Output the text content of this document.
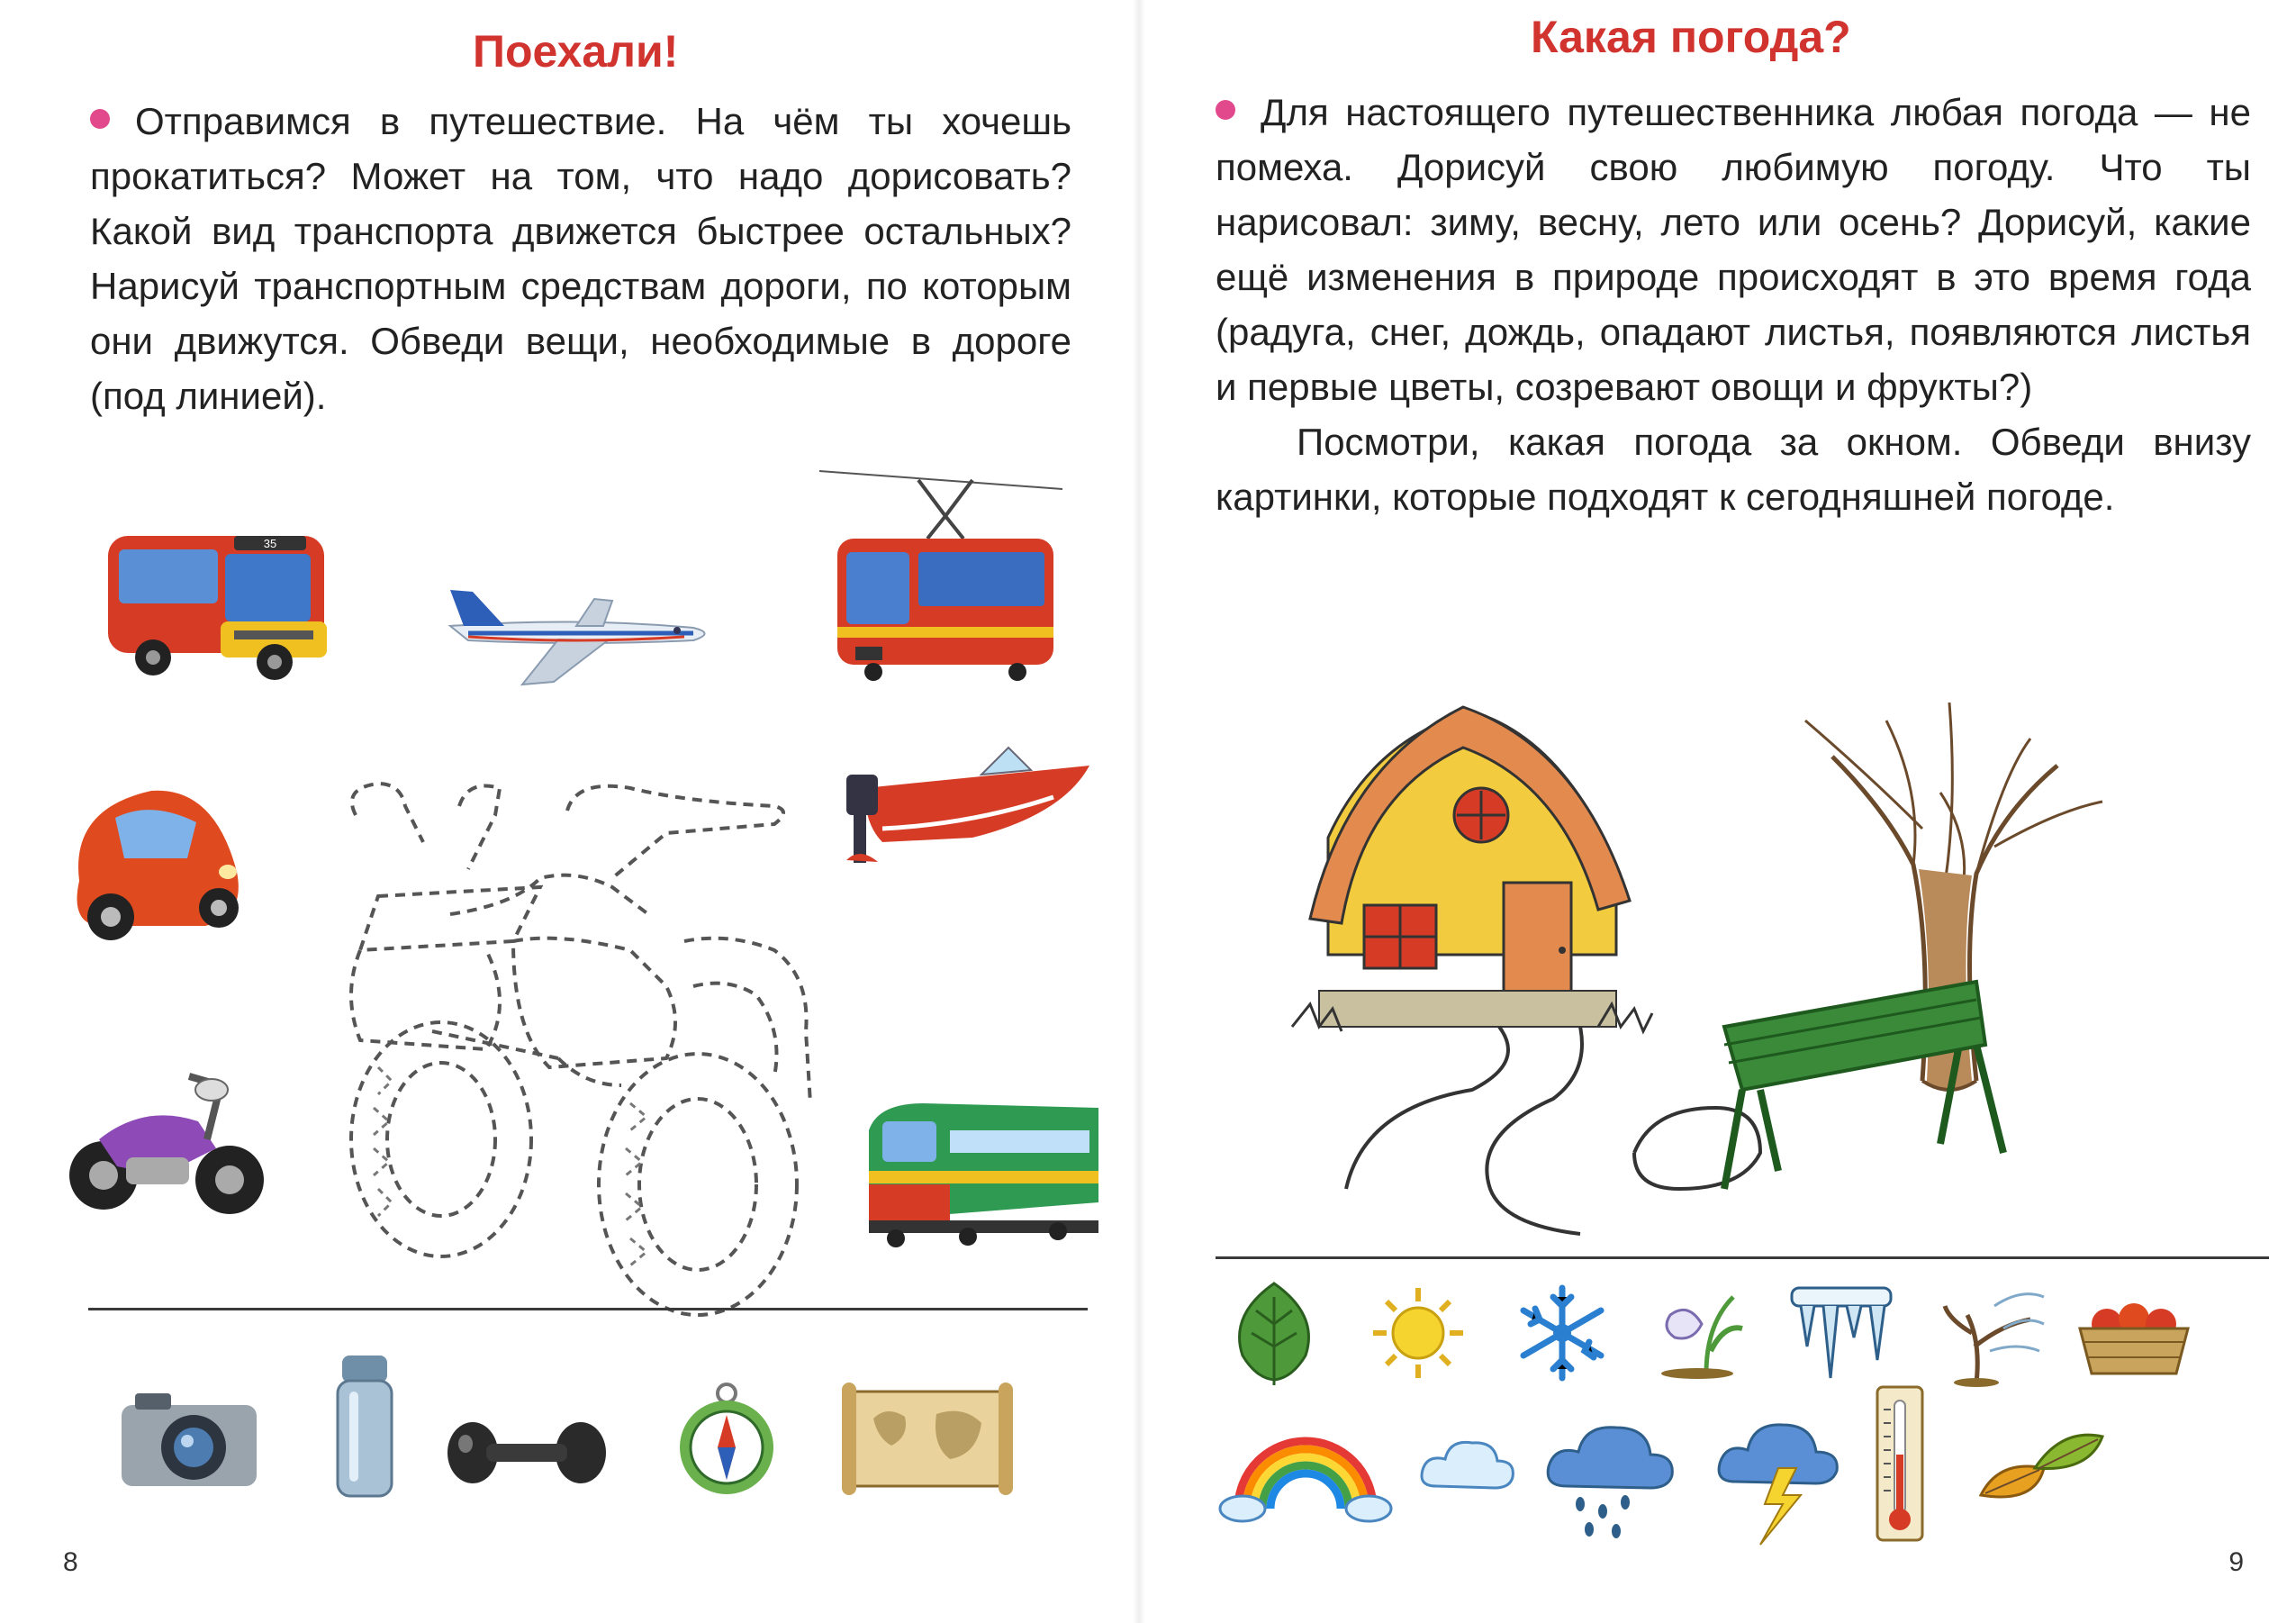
Поехали!

Отправимся в путешествие. На чём ты хочешь прокатиться? Может на том, что надо дорисовать? Какой вид транспорта движется быстрее остальных? Нарисуй транспортным средствам дороги, по которым они движутся. Обведи вещи, необходимые в дороге (под линией).

35
8
Какая погода?

Для настоящего путешественника любая погода — не помеха. Дорисуй свою любимую погоду. Что ты нарисовал: зиму, весну, лето или осень? Дорисуй, какие ещё изменения в природе происходят в это время года (радуга, снег, дождь, опадают листья, появляются листья и первые цветы, созревают овощи и фрукты?)

Посмотри, какая погода за окном. Обведи внизу картинки, которые подходят к сегодняшней погоде.

9
